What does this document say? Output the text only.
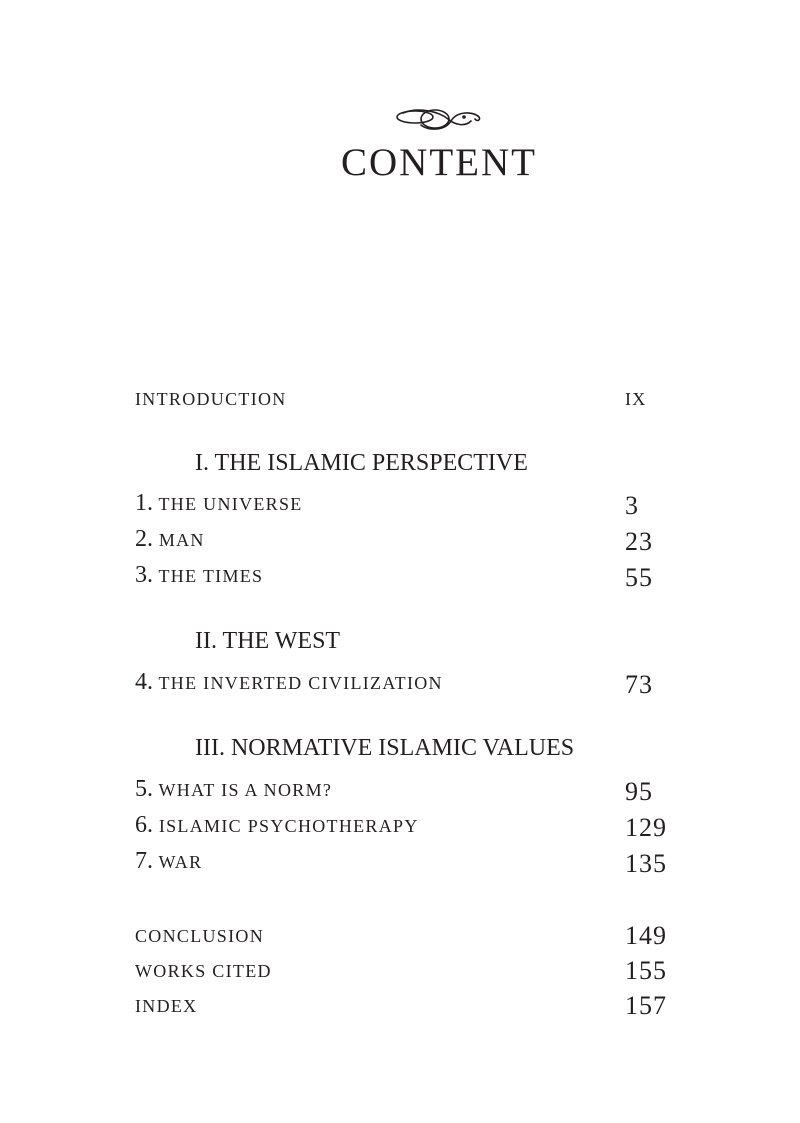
CONTENT
INTRODUCTION	IX
I. THE ISLAMIC PERSPECTIVE
1. THE UNIVERSE	3
2. MAN	23
3. THE TIMES	55
II. THE WEST
4. THE INVERTED CIVILIZATION	73
III. NORMATIVE ISLAMIC VALUES
5. WHAT IS A NORM?	95
6. ISLAMIC PSYCHOTHERAPY	129
7. WAR	135
CONCLUSION	149
WORKS CITED	155
INDEX	157
